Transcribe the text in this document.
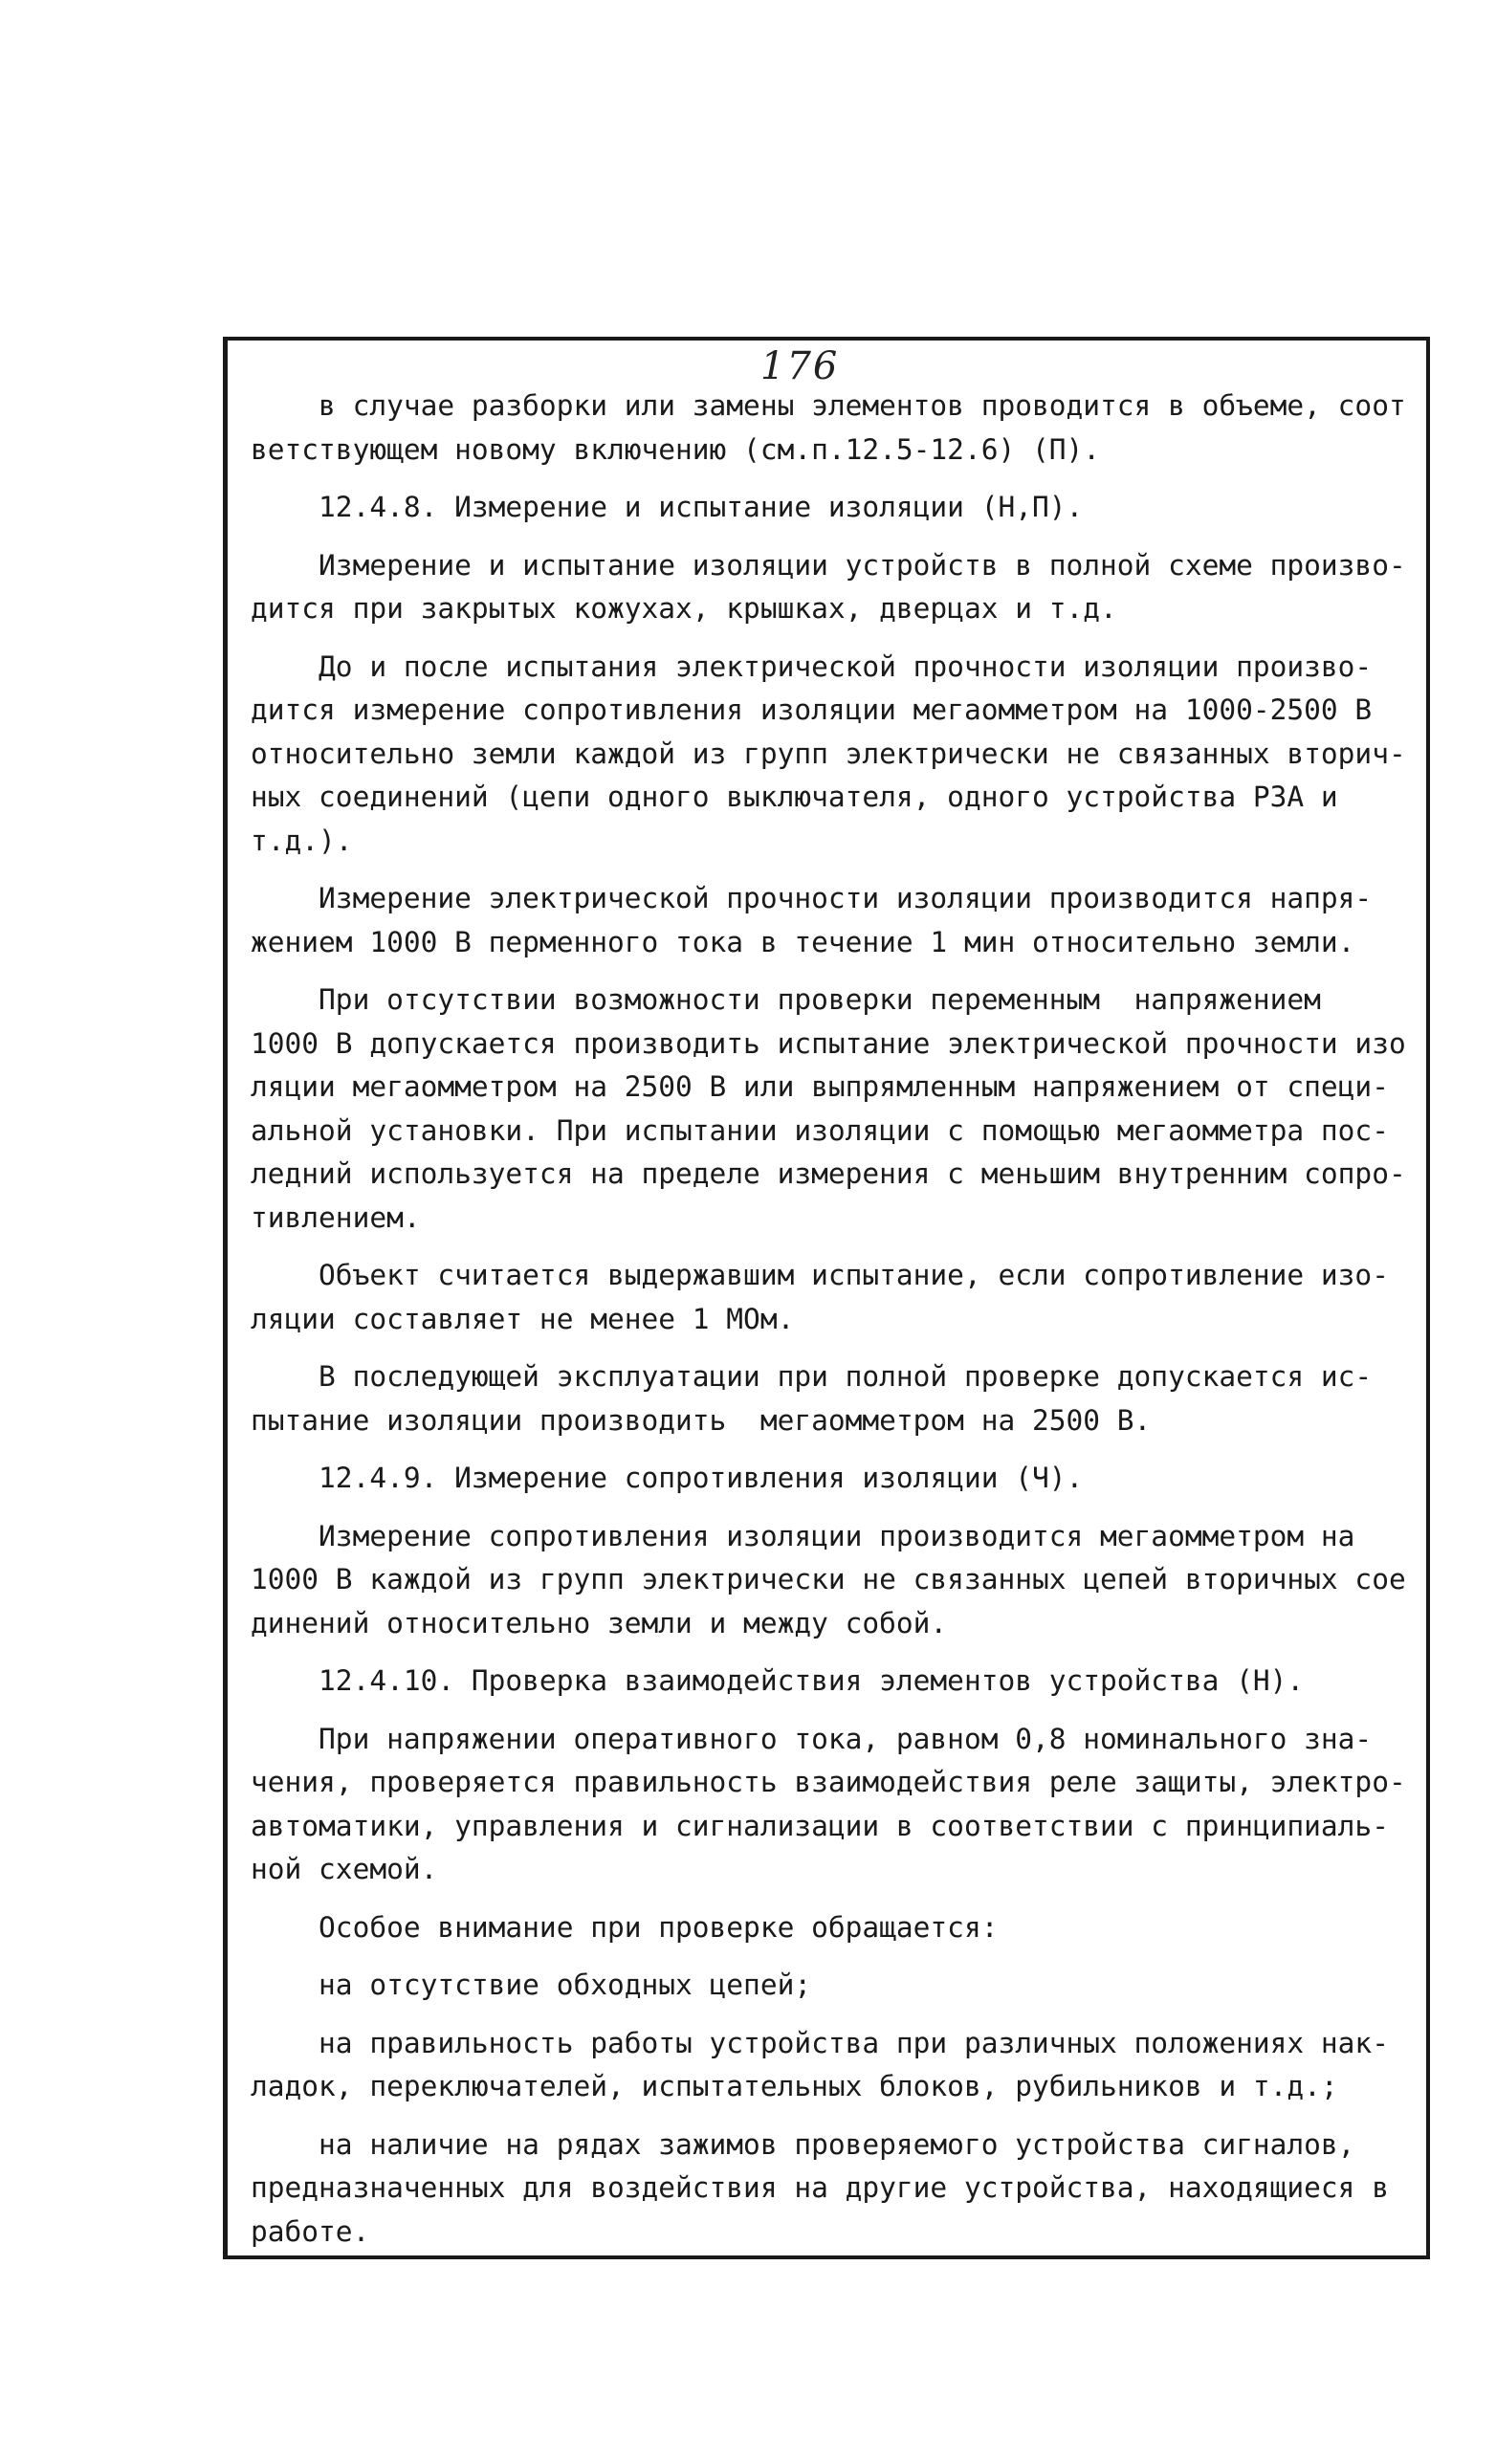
176
в случае разборки или замены элементов проводится в объеме, соот
ветствующем новому включению (см.п.12.5-12.6) (П).
12.4.8. Измерение и испытание изоляции (Н,П).
Измерение и испытание изоляции устройств в полной схеме произво-
дится при закрытых кожухах, крышках, дверцах и т.д.
До и после испытания электрической прочности изоляции произво-
дится измерение сопротивления изоляции мегаомметром на 1000-2500 В
относительно земли каждой из групп электрически не связанных вторич-
ных соединений (цепи одного выключателя, одного устройства РЗА и
т.д.).
Измерение электрической прочности изоляции производится напря-
жением 1000 В перменного тока в течение 1 мин относительно земли.
При отсутствии возможности проверки переменным  напряжением
1000 В допускается производить испытание электрической прочности изо
ляции мегаомметром на 2500 В или выпрямленным напряжением от специ-
альной установки. При испытании изоляции с помощью мегаомметра пос-
ледний используется на пределе измерения с меньшим внутренним сопро-
тивлением.
Объект считается выдержавшим испытание, если сопротивление изо-
ляции составляет не менее 1 МОм.
В последующей эксплуатации при полной проверке допускается ис-
пытание изоляции производить  мегаомметром на 2500 В.
12.4.9. Измерение сопротивления изоляции (Ч).
Измерение сопротивления изоляции производится мегаомметром на
1000 В каждой из групп электрически не связанных цепей вторичных сое
динений относительно земли и между собой.
12.4.10. Проверка взаимодействия элементов устройства (Н).
При напряжении оперативного тока, равном 0,8 номинального зна-
чения, проверяется правильность взаимодействия реле защиты, электро-
автоматики, управления и сигнализации в соответствии с принципиаль-
ной схемой.
Особое внимание при проверке обращается:
на отсутствие обходных цепей;
на правильность работы устройства при различных положениях нак-
ладок, переключателей, испытательных блоков, рубильников и т.д.;
на наличие на рядах зажимов проверяемого устройства сигналов,
предназначенных для воздействия на другие устройства, находящиеся в
работе.
